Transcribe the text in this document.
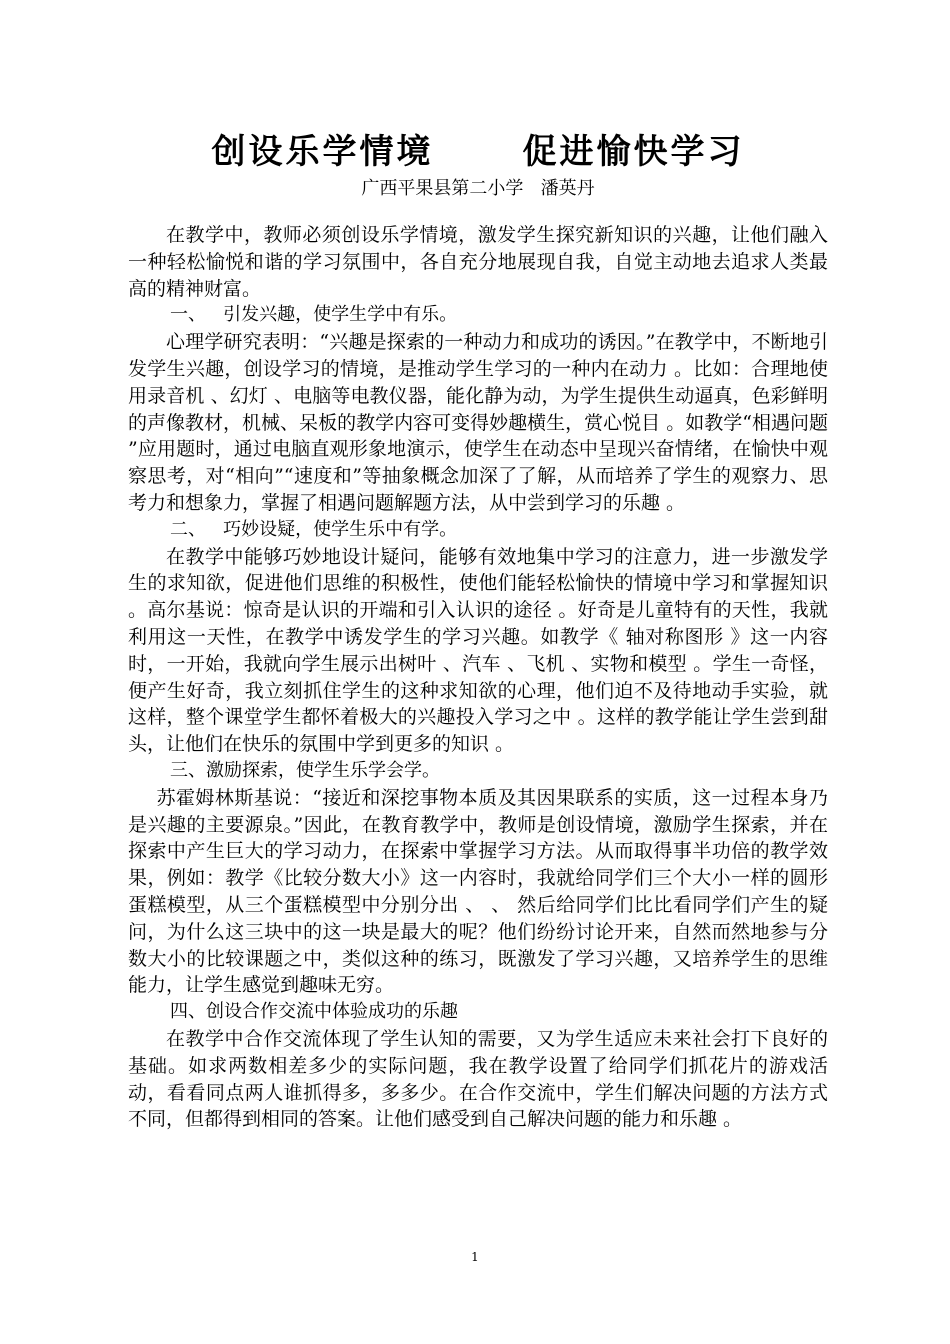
创设乐学情境      促进愉快学习

广西平果县第二小学   潘英丹

在教学中，教师必须创设乐学情境，激发学生探究新知识的兴趣，让他们融入一种轻松愉悦和谐的学习氛围中，各自充分地展现自我，自觉主动地去追求人类最高的精神财富。

一、   引发兴趣，使学生学中有乐。

心理学研究表明：“兴趣是探索的一种动力和成功的诱因。”在教学中，不断地引发学生兴趣，创设学习的情境，是推动学生学习的一种内在动力 。比如：合理地使用录音机 、幻灯 、电脑等电教仪器，能化静为动，为学生提供生动逼真，色彩鲜明的声像教材，机械、呆板的教学内容可变得妙趣横生，赏心悦目 。如教学“相遇问题 ”应用题时，通过电脑直观形象地演示，使学生在动态中呈现兴奋情绪，在愉快中观察思考，对“相向”“速度和”等抽象概念加深了了解，从而培养了学生的观察力、思考力和想象力，掌握了相遇问题解题方法，从中尝到学习的乐趣 。

二、   巧妙设疑，使学生乐中有学。

在教学中能够巧妙地设计疑问，能够有效地集中学习的注意力，进一步激发学生的求知欲，促进他们思维的积极性，使他们能轻松愉快的情境中学习和掌握知识 。高尔基说：惊奇是认识的开端和引入认识的途径 。好奇是儿童特有的天性，我就利用这一天性，在教学中诱发学生的学习兴趣。如教学《 轴对称图形 》这一内容时，一开始，我就向学生展示出树叶 、汽车 、飞机 、实物和模型 。学生一奇怪，便产生好奇，我立刻抓住学生的这种求知欲的心理，他们迫不及待地动手实验，就这样，整个课堂学生都怀着极大的兴趣投入学习之中 。这样的教学能让学生尝到甜头，让他们在快乐的氛围中学到更多的知识 。

三、激励探索，使学生乐学会学。

苏霍姆林斯基说：“接近和深挖事物本质及其因果联系的实质，这一过程本身乃是兴趣的主要源泉。”因此，在教育教学中，教师是创设情境，激励学生探索，并在探索中产生巨大的学习动力，在探索中掌握学习方法。从而取得事半功倍的教学效果，例如：教学《比较分数大小》这一内容时，我就给同学们三个大小一样的圆形蛋糕模型，从三个蛋糕模型中分别分出 、 、 然后给同学们比比看同学们产生的疑问，为什么这三块中的这一块是最大的呢？他们纷纷讨论开来，自然而然地参与分数大小的比较课题之中，类似这种的练习，既激发了学习兴趣，又培养学生的思维能力，让学生感觉到趣味无穷。

四、创设合作交流中体验成功的乐趣

在教学中合作交流体现了学生认知的需要，又为学生适应未来社会打下良好的基础。如求两数相差多少的实际问题，我在教学设置了给同学们抓花片的游戏活动，看看同点两人谁抓得多，多多少。在合作交流中，学生们解决问题的方法方式不同，但都得到相同的答案。让他们感受到自己解决问题的能力和乐趣 。

1
